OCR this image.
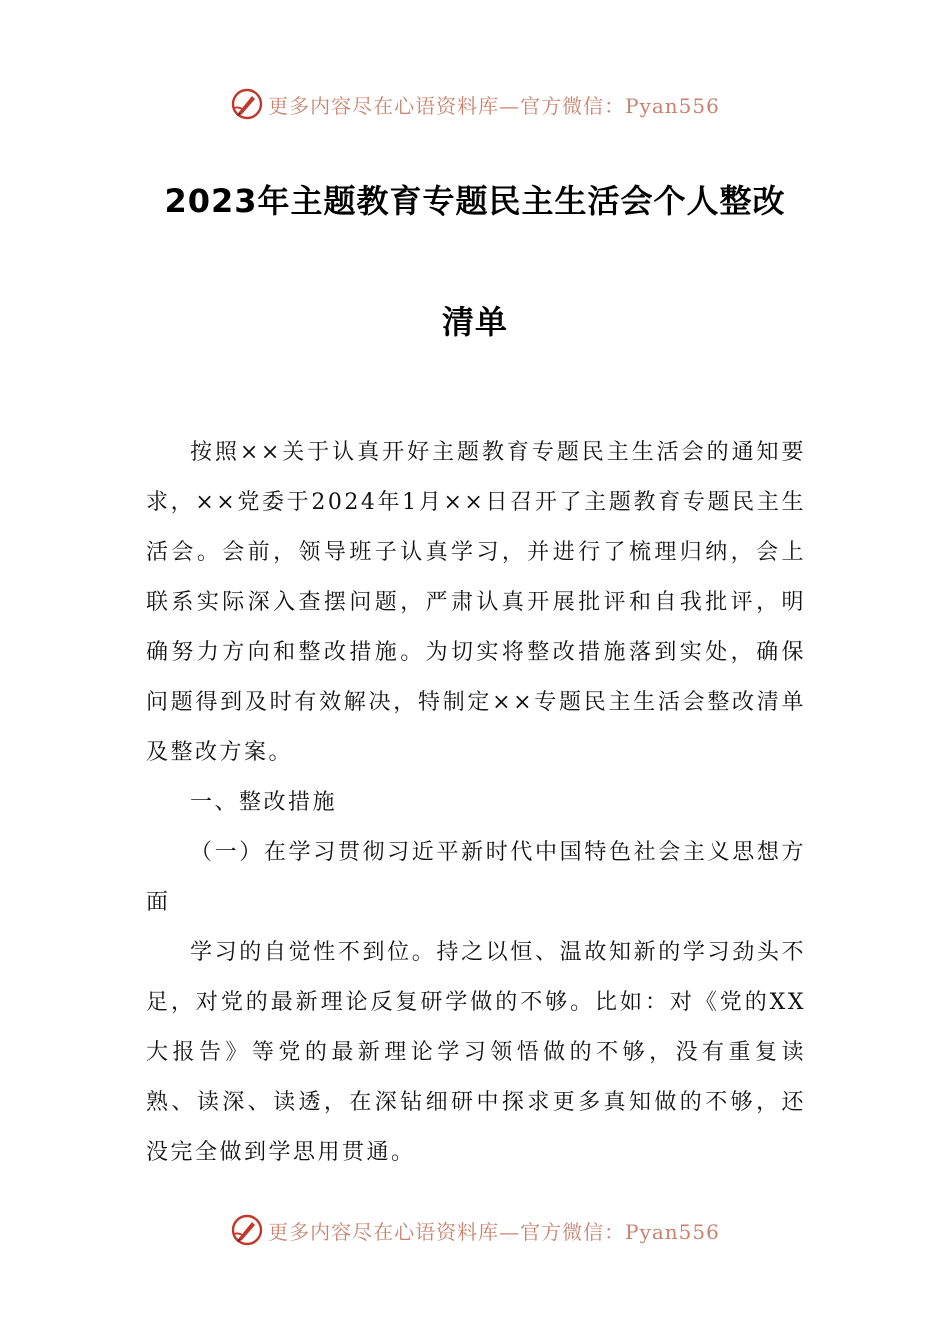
更多内容尽在心语资料库—官方微信：Pyan556
2023年主题教育专题民主生活会个人整改
清单

按照××关于认真开好主题教育专题民主生活会的通知要求，××党委于2024年1月××日召开了主题教育专题民主生活会。会前，领导班子认真学习，并进行了梳理归纳，会上联系实际深入查摆问题，严肃认真开展批评和自我批评，明确努力方向和整改措施。为切实将整改措施落到实处，确保问题得到及时有效解决，特制定××专题民主生活会整改清单及整改方案。

一、整改措施

（一）在学习贯彻习近平新时代中国特色社会主义思想方面

学习的自觉性不到位。持之以恒、温故知新的学习劲头不足，对党的最新理论反复研学做的不够。比如：对《党的XX大报告》等党的最新理论学习领悟做的不够，没有重复读熟、读深、读透，在深钻细研中探求更多真知做的不够，还没完全做到学思用贯通。

更多内容尽在心语资料库—官方微信：Pyan556
